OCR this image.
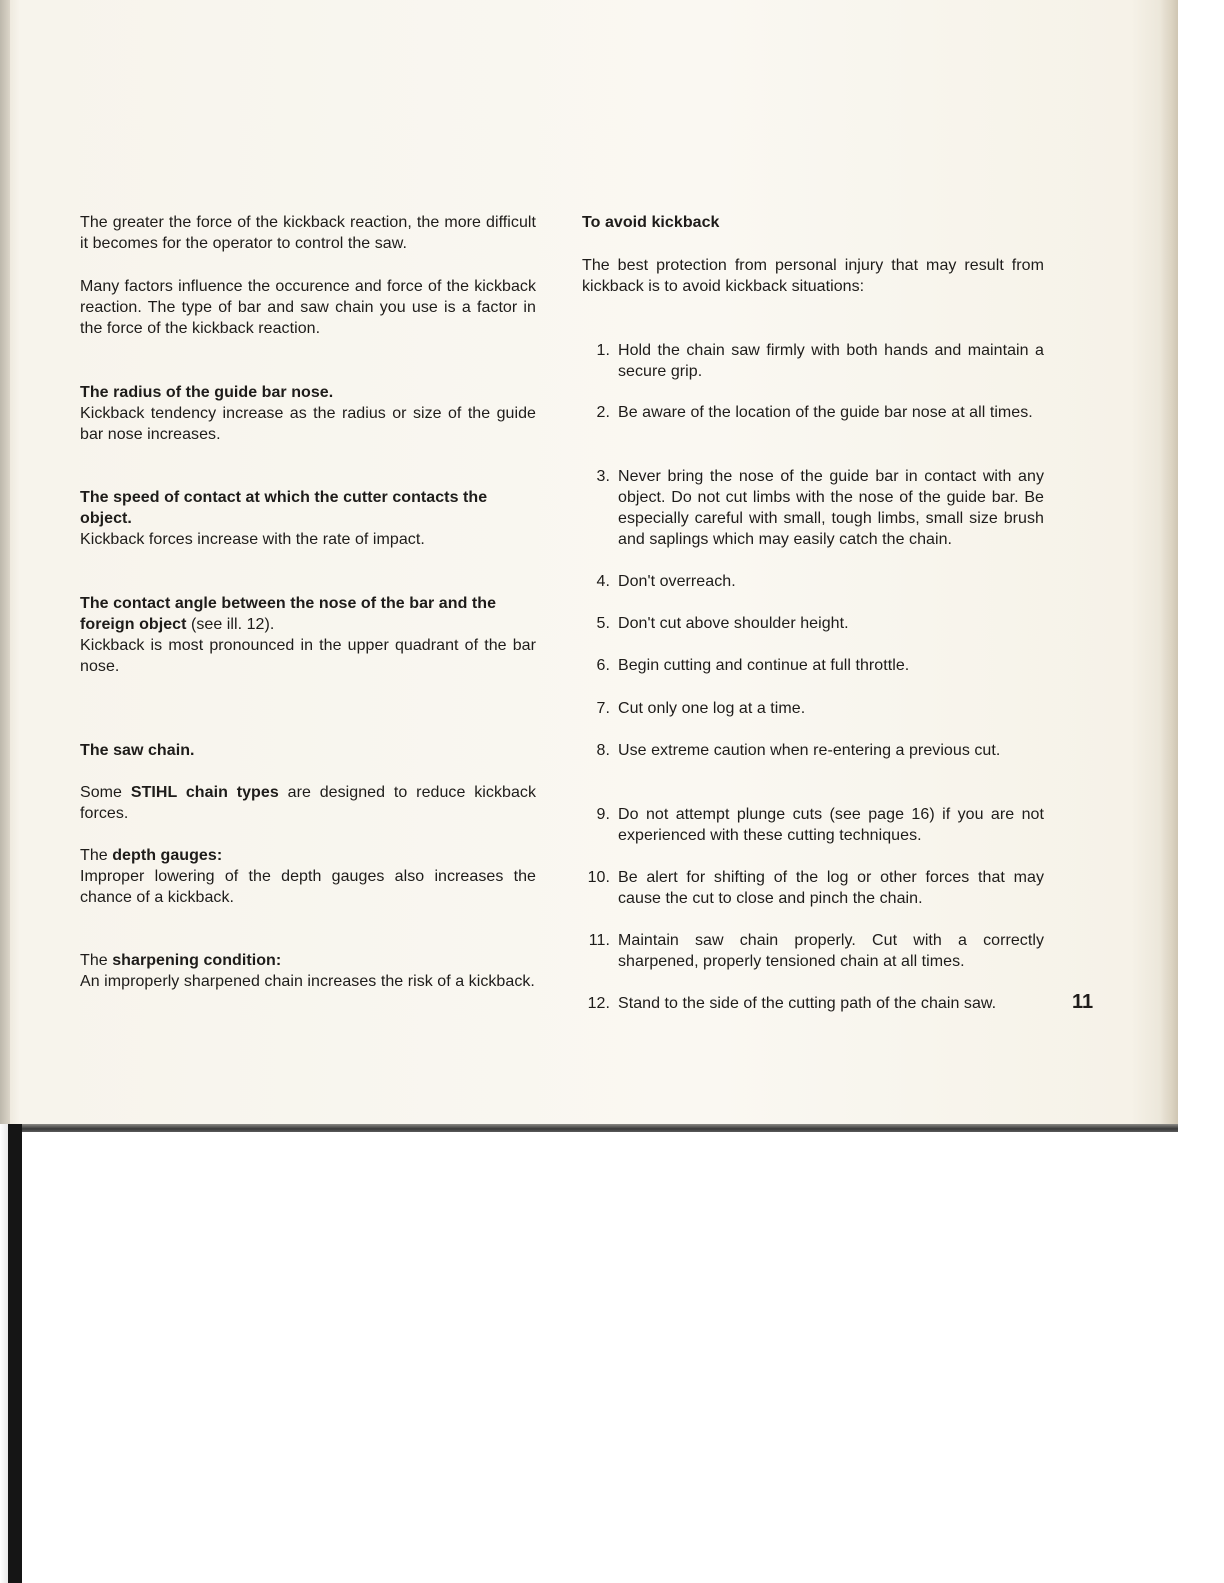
The greater the force of the kickback reaction, the more difficult it becomes for the operator to control the saw.

Many factors influence the occurence and force of the kickback reaction. The type of bar and saw chain you use is a factor in the force of the kickback reaction.

The radius of the guide bar nose.

Kickback tendency increase as the radius or size of the guide bar nose increases.

The speed of contact at which the cutter contacts the object.

Kickback forces increase with the rate of impact.

The contact angle between the nose of the bar and the foreign object (see ill. 12).

Kickback is most pronounced in the upper quadrant of the bar nose.

The saw chain.

Some STIHL chain types are designed to reduce kickback forces.

The depth gauges:

Improper lowering of the depth gauges also increases the chance of a kickback.

The sharpening condition:

An improperly sharpened chain increases the risk of a kickback.

To avoid kickback

The best protection from personal injury that may result from kickback is to avoid kickback situations:

1. Hold the chain saw firmly with both hands and maintain a secure grip.
2. Be aware of the location of the guide bar nose at all times.
3. Never bring the nose of the guide bar in contact with any object. Do not cut limbs with the nose of the guide bar. Be especially careful with small, tough limbs, small size brush and saplings which may easily catch the chain.
4. Don't overreach.
5. Don't cut above shoulder height.
6. Begin cutting and continue at full throttle.
7. Cut only one log at a time.
8. Use extreme caution when re-entering a previous cut.
9. Do not attempt plunge cuts (see page 16) if you are not experienced with these cutting techniques.
10. Be alert for shifting of the log or other forces that may cause the cut to close and pinch the chain.
11. Maintain saw chain properly. Cut with a correctly sharpened, properly tensioned chain at all times.
12. Stand to the side of the cutting path of the chain saw.	11
